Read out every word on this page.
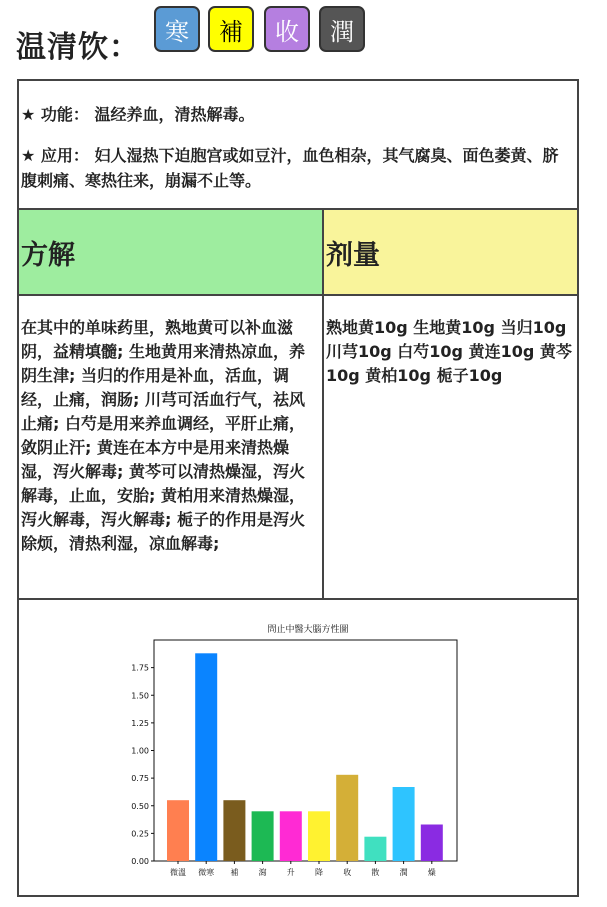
温清饮：	寒	補	收	潤

★ 功能： 温经养血，清热解毒。

★ 应用： 妇人湿热下迫胞宫或如豆汁，血色相杂，其气腐臭、面色萎黄、脐腹刺痛、寒热往来，崩漏不止等。

方解	剂量
在其中的单味药里，熟地黄可以补血滋阴，益精填髓; 生地黄用来清热凉血，养阴生津; 当归的作用是补血，活血，调经，止痛，润肠; 川芎可活血行气，祛风止痛; 白芍是用来养血调经，平肝止痛，敛阴止汗; 黄连在本方中是用来清热燥湿，泻火解毒; 黄芩可以清热燥湿，泻火解毒，止血，安胎; 黄柏用来清热燥湿，泻火解毒，泻火解毒; 栀子的作用是泻火除烦，清热利湿，凉血解毒;
熟地黄10g 生地黄10g 当归10g 川芎10g 白芍10g 黄连10g 黄芩10g 黄柏10g 栀子10g
問止中醫大腦方性圖
0.00
0.25
0.50
0.75
1.00
1.25
1.50
1.75
微溫 微寒 補	瀉	升	降	收	散	潤	燥
